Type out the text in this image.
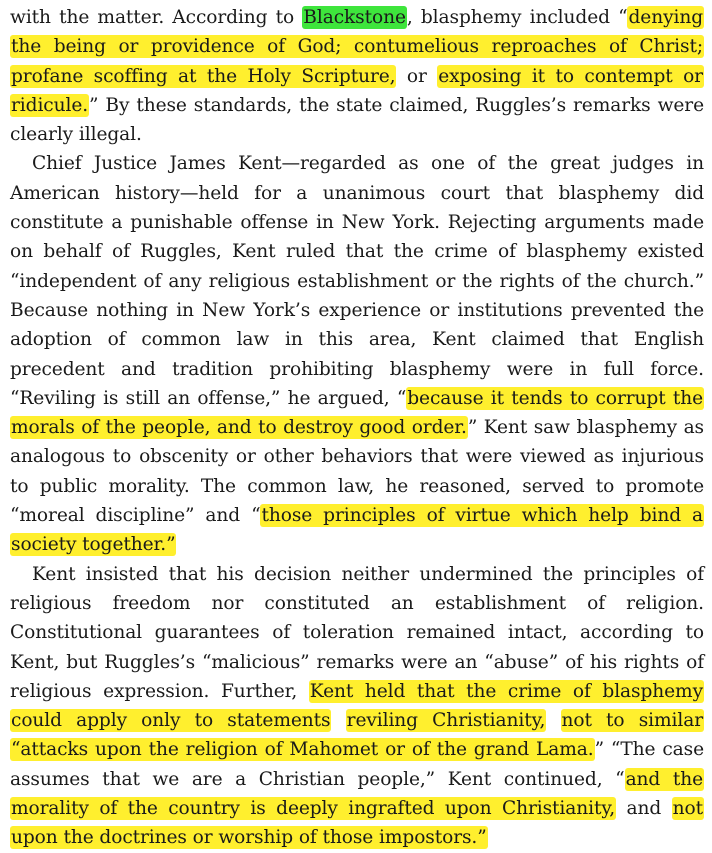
with the matter. According to Blackstone, blasphemy included “denying the being or providence of God; contumelious reproaches of Christ; profane scoffing at the Holy Scripture, or exposing it to contempt or ridicule.” By these standards, the state claimed, Ruggles’s remarks were clearly illegal.

Chief Justice James Kent—regarded as one of the great judges in American history—held for a unanimous court that blasphemy did constitute a punishable offense in New York. Rejecting arguments made on behalf of Ruggles, Kent ruled that the crime of blasphemy existed “independent of any religious establishment or the rights of the church.” Because nothing in New York’s experience or institutions prevented the adoption of common law in this area, Kent claimed that English precedent and tradition prohibiting blasphemy were in full force. “Reviling is still an offense,” he argued, “because it tends to corrupt the morals of the people, and to destroy good order.” Kent saw blasphemy as analogous to obscenity or other behaviors that were viewed as injurious to public morality. The common law, he reasoned, served to promote “moreal discipline” and “those principles of virtue which help bind a society together.”

Kent insisted that his decision neither undermined the principles of religious freedom nor constituted an establishment of religion. Constitutional guarantees of toleration remained intact, according to Kent, but Ruggles’s “malicious” remarks were an “abuse” of his rights of religious expression. Further, Kent held that the crime of blasphemy could apply only to statements reviling Christianity, not to similar “attacks upon the religion of Mahomet or of the grand Lama.” “The case assumes that we are a Christian people,” Kent continued, “and the morality of the country is deeply ingrafted upon Christianity, and not upon the doctrines or worship of those impostors.”
